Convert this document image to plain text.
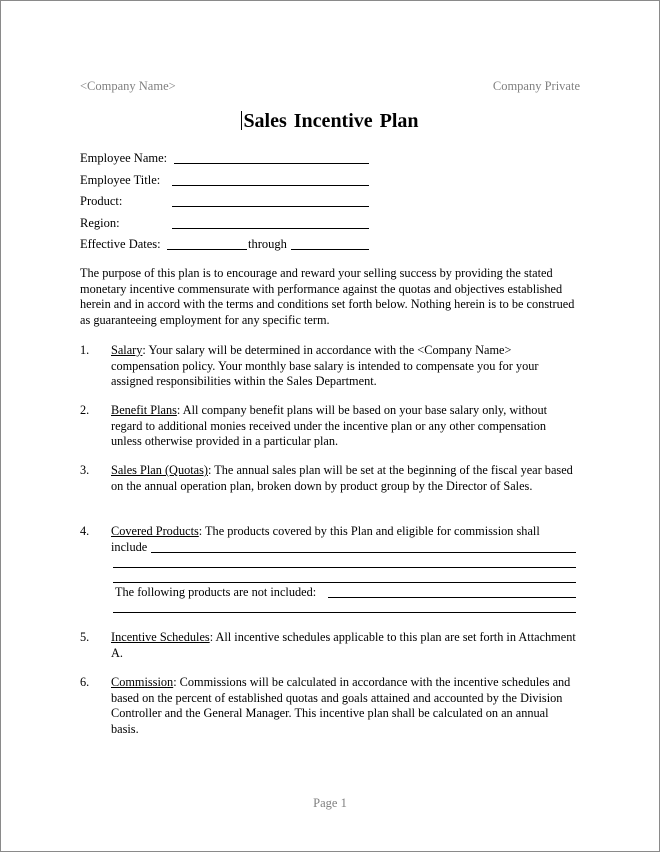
<Company Name>	Company Private
Sales Incentive Plan
Employee Name:
Employee Title:
Product:
Region:
Effective Dates:	through
The purpose of this plan is to encourage and reward your selling success by providing the stated monetary incentive commensurate with performance against the quotas and objectives established herein and in accord with the terms and conditions set forth below. Nothing herein is to be construed as guaranteeing employment for any specific term.
1. Salary: Your salary will be determined in accordance with the <Company Name> compensation policy. Your monthly base salary is intended to compensate you for your assigned responsibilities within the Sales Department.
2. Benefit Plans: All company benefit plans will be based on your base salary only, without regard to additional monies received under the incentive plan or any other compensation unless otherwise provided in a particular plan.
3. Sales Plan (Quotas): The annual sales plan will be set at the beginning of the fiscal year based on the annual operation plan, broken down by product group by the Director of Sales.
4. Covered Products: The products covered by this Plan and eligible for commission shall
include
The following products are not included:
5. Incentive Schedules: All incentive schedules applicable to this plan are set forth in Attachment A.
6. Commission: Commissions will be calculated in accordance with the incentive schedules and based on the percent of established quotas and goals attained and accounted by the Division Controller and the General Manager. This incentive plan shall be calculated on an annual basis.
Page 1
